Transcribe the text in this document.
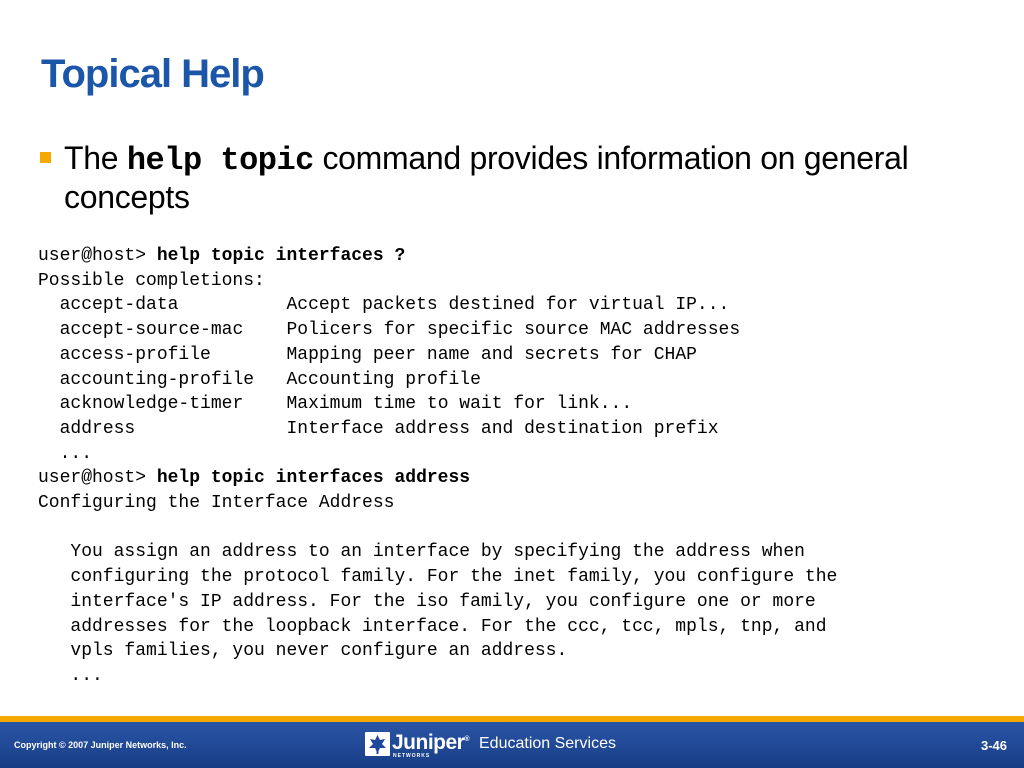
Topical Help
The help topic command provides information on general concepts
user@host> help topic interfaces ?
Possible completions:
accept-data	Accept packets destined for virtual IP...
accept-source-mac Policers for specific source MAC addresses
access-profile	Mapping peer name and secrets for CHAP
accounting-profile Accounting profile
acknowledge-timer Maximum time to wait for link...
address	Interface address and destination prefix
...
user@host> help topic interfaces address
Configuring the Interface Address

You assign an address to an interface by specifying the address when
configuring the protocol family. For the inet family, you configure the
interface's IP address. For the iso family, you configure one or more
addresses for the loopback interface. For the ccc, tcc, mpls, tnp, and
vpls families, you never configure an address.
...
Copyright © 2007 Juniper Networks, Inc.	Juniper®
NETWORKS
Education Services	3-46
